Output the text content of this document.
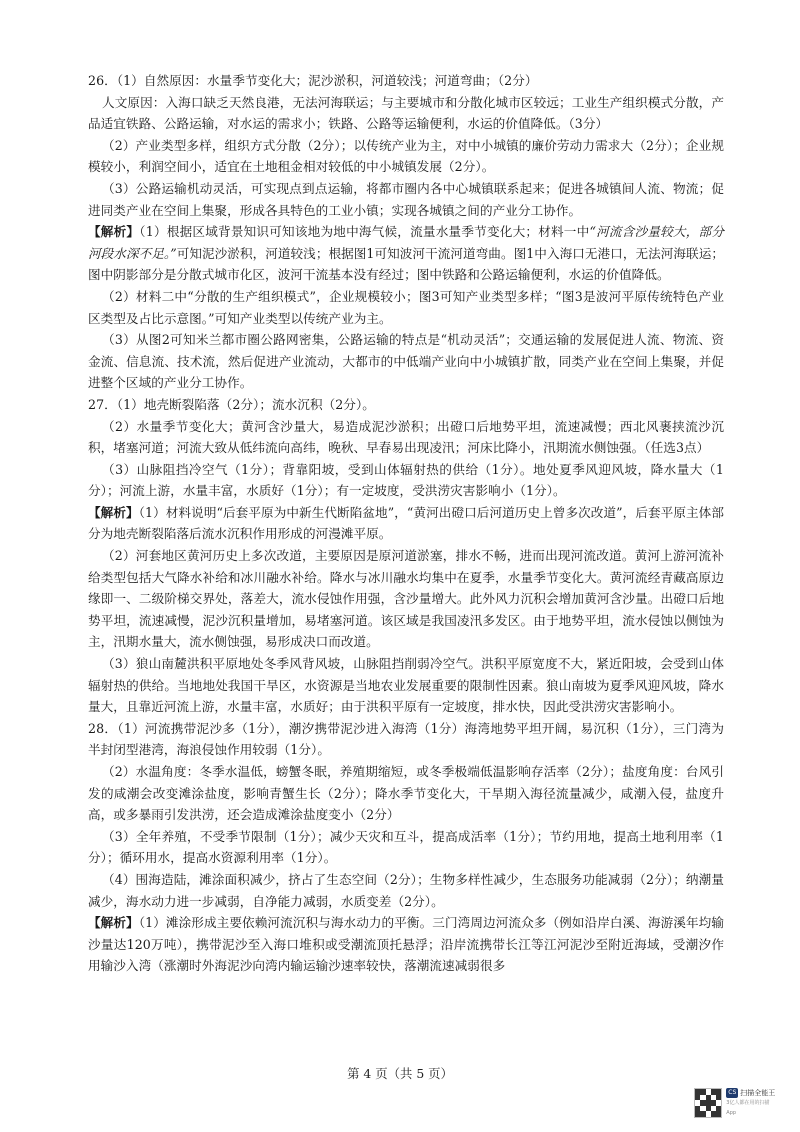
26．（1）自然原因：水量季节变化大；泥沙淤积，河道较浅；河道弯曲；（2分）

人文原因：入海口缺乏天然良港，无法河海联运；与主要城市和分散化城市区较远；工业生产组织模式分散，产品适宜铁路、公路运输，对水运的需求小；铁路、公路等运输便利，水运的价值降低。（3分）

（2）产业类型多样，组织方式分散（2分）；以传统产业为主，对中小城镇的廉价劳动力需求大（2分）；企业规模较小，利润空间小，适宜在土地租金相对较低的中小城镇发展（2分）。

（3）公路运输机动灵活，可实现点到点运输，将都市圈内各中心城镇联系起来；促进各城镇间人流、物流；促进同类产业在空间上集聚，形成各具特色的工业小镇；实现各城镇之间的产业分工协作。

【解析】（1）根据区域背景知识可知该地为地中海气候，流量水量季节变化大；材料一中“河流含沙量较大，部分河段水深不足。”可知泥沙淤积，河道较浅；根据图1可知波河干流河道弯曲。图1中入海口无港口，无法河海联运；图中阴影部分是分散式城市化区，波河干流基本没有经过；图中铁路和公路运输便利，水运的价值降低。

（2）材料二中“分散的生产组织模式”，企业规模较小；图3可知产业类型多样；“图3是波河平原传统特色产业区类型及占比示意图。”可知产业类型以传统产业为主。

（3）从图2可知米兰都市圈公路网密集，公路运输的特点是“机动灵活”；交通运输的发展促进人流、物流、资金流、信息流、技术流，然后促进产业流动，大都市的中低端产业向中小城镇扩散，同类产业在空间上集聚，并促进整个区域的产业分工协作。

27．（1）地壳断裂陷落（2分）；流水沉积（2分）。

（2）水量季节变化大；黄河含沙量大，易造成泥沙淤积；出磴口后地势平坦，流速减慢；西北风裹挟流沙沉积，堵塞河道；河流大致从低纬流向高纬，晚秋、早春易出现凌汛；河床比降小，汛期流水侧蚀强。（任选3点）

（3）山脉阻挡冷空气（1分）；背靠阳坡，受到山体辐射热的供给（1分）。地处夏季风迎风坡，降水量大（1分）；河流上游，水量丰富，水质好（1分）；有一定坡度，受洪涝灾害影响小（1分）。

【解析】（1）材料说明“后套平原为中新生代断陷盆地”，“黄河出磴口后河道历史上曾多次改道”，后套平原主体部分为地壳断裂陷落后流水沉积作用形成的河漫滩平原。

（2）河套地区黄河历史上多次改道，主要原因是原河道淤塞，排水不畅，进而出现河流改道。黄河上游河流补给类型包括大气降水补给和冰川融水补给。降水与冰川融水均集中在夏季，水量季节变化大。黄河流经青藏高原边缘即一、二级阶梯交界处，落差大，流水侵蚀作用强，含沙量增大。此外风力沉积会增加黄河含沙量。出磴口后地势平坦，流速减慢，泥沙沉积量增加，易堵塞河道。该区域是我国凌汛多发区。由于地势平坦，流水侵蚀以侧蚀为主，汛期水量大，流水侧蚀强，易形成决口而改道。

（3）狼山南麓洪积平原地处冬季风背风坡，山脉阻挡削弱冷空气。洪积平原宽度不大，紧近阳坡，会受到山体辐射热的供给。当地地处我国干旱区，水资源是当地农业发展重要的限制性因素。狼山南坡为夏季风迎风坡，降水量大，且靠近河流上游，水量丰富，水质好；由于洪积平原有一定坡度，排水快，因此受洪涝灾害影响小。

28．（1）河流携带泥沙多（1分），潮汐携带泥沙进入海湾（1分）海湾地势平坦开阔，易沉积（1分），三门湾为半封闭型港湾，海浪侵蚀作用较弱（1分）。

（2）水温角度：冬季水温低，螃蟹冬眠，养殖期缩短，或冬季极端低温影响存活率（2分）；盐度角度：台风引发的咸潮会改变滩涂盐度，影响青蟹生长（2分）；降水季节变化大，干旱期入海径流量减少，咸潮入侵，盐度升高，或多暴雨引发洪涝，还会造成滩涂盐度变小（2分）

（3）全年养殖，不受季节限制（1分）；减少天灾和互斗，提高成活率（1分）；节约用地，提高土地利用率（1分）；循环用水，提高水资源利用率（1分）。

（4）围海造陆，滩涂面积减少，挤占了生态空间（2分）；生物多样性减少，生态服务功能减弱（2分）；纳潮量减少，海水动力进一步减弱，自净能力减弱，水质变差（2分）。

【解析】（1）滩涂形成主要依赖河流沉积与海水动力的平衡。三门湾周边河流众多（例如沿岸白溪、海游溪年均输沙量达120万吨），携带泥沙至入海口堆积或受潮流顶托悬浮；沿岸流携带长江等江河泥沙至附近海域，受潮汐作用输沙入湾（涨潮时外海泥沙向湾内输运输沙速率较快，落潮流速减弱很多

第 4 页（共 5 页）
CS 扫描全能王
3亿人都在用的扫描App
